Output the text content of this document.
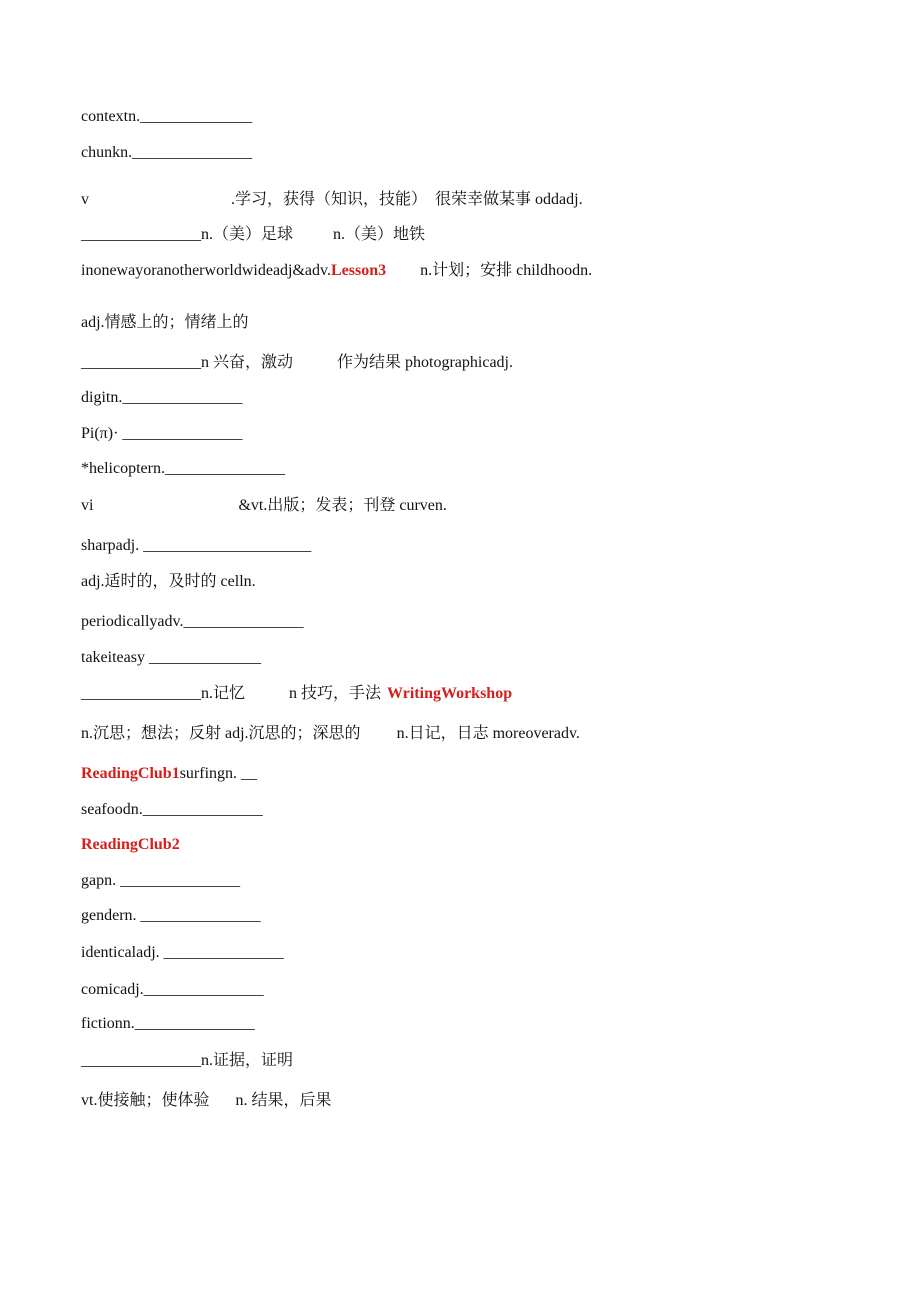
contextn.______________
chunkn._______________
v	.学习，获得（知识，技能） 很荣幸做某事 oddadj.
_______________n.（美）足球	n.（美）地铁
inonewayoranotherworldwideadj&adv.Lesson3 n.计划；安排 childhoodn.
adj.情感上的；情绪上的
_______________n 兴奋，激动	作为结果 photographicadj.
digitn._______________
Pi(π)· _______________
*helicoptern._______________
vi	&vt.出版；发表；刊登 curven.
sharpadj. _____________________
adj.适时的，及时的 celln.
periodicallyadv._______________
takeiteasy ______________
_______________n.记忆	n 技巧，手法 WritingWorkshop
n.沉思；想法；反射 adj.沉思的；深思的 n.日记，日志 moreoveradv.
ReadingClub1surfingn. __
seafoodn._______________
ReadingClub2
gapn. _______________
gendern. _______________
identicaladj. _______________
comicadj._______________
fictionn._______________
_______________n.证据，证明
vt.使接触；使体验 n. 结果，后果
